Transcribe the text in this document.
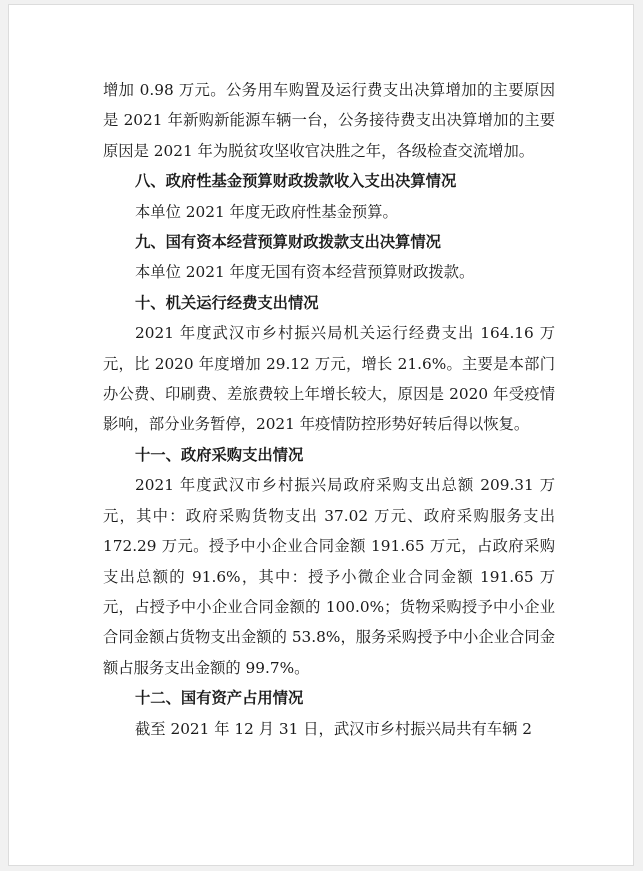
增加 0.98 万元。公务用车购置及运行费支出决算增加的主要原因是 2021 年新购新能源车辆一台，公务接待费支出决算增加的主要原因是 2021 年为脱贫攻坚收官决胜之年，各级检查交流增加。

八、政府性基金预算财政拨款收入支出决算情况

本单位 2021 年度无政府性基金预算。

九、国有资本经营预算财政拨款支出决算情况

本单位 2021 年度无国有资本经营预算财政拨款。

十、机关运行经费支出情况

2021 年度武汉市乡村振兴局机关运行经费支出 164.16 万元，比 2020 年度增加 29.12 万元，增长 21.6%。主要是本部门办公费、印刷费、差旅费较上年增长较大，原因是 2020 年受疫情影响，部分业务暂停，2021 年疫情防控形势好转后得以恢复。

十一、政府采购支出情况

2021 年度武汉市乡村振兴局政府采购支出总额 209.31 万元，其中：政府采购货物支出 37.02 万元、政府采购服务支出 172.29 万元。授予中小企业合同金额 191.65 万元，占政府采购支出总额的 91.6%，其中：授予小微企业合同金额 191.65 万元，占授予中小企业合同金额的 100.0%；货物采购授予中小企业合同金额占货物支出金额的 53.8%，服务采购授予中小企业合同金额占服务支出金额的 99.7%。

十二、国有资产占用情况

截至 2021 年 12 月 31 日，武汉市乡村振兴局共有车辆 2
